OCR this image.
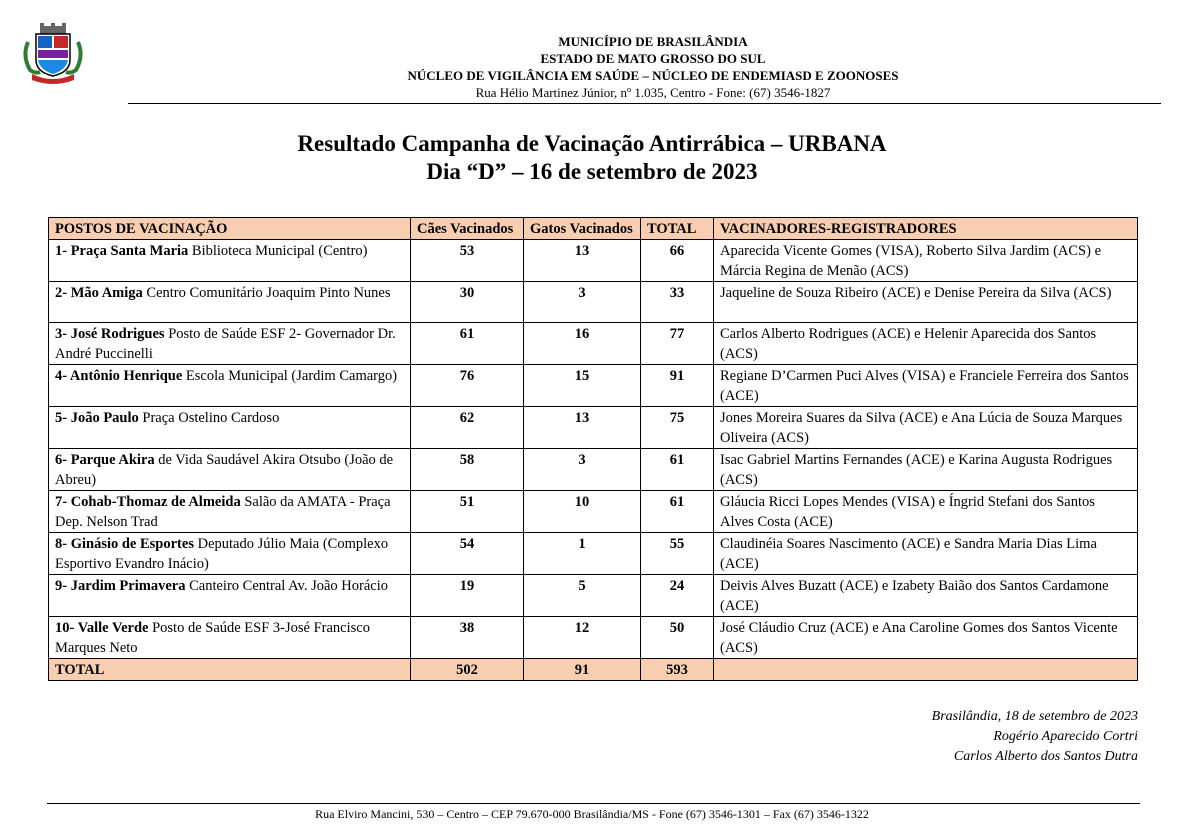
MUNICÍPIO DE BRASILÂNDIA
ESTADO DE MATO GROSSO DO SUL
NÚCLEO DE VIGILÂNCIA EM SAÚDE – NÚCLEO DE ENDEMIASD E ZOONOSES
Rua Hélio Martinez Júnior, nº 1.035, Centro - Fone: (67) 3546-1827
Resultado Campanha de Vacinação Antirrábica – URBANA
Dia “D” – 16 de setembro de 2023
POSTOS DE VACINAÇÃO	Cães Vacinados	Gatos Vacinados	TOTAL	VACINADORES-REGISTRADORES
1- Praça Santa Maria Biblioteca Municipal (Centro)	53	13	66	Aparecida Vicente Gomes (VISA), Roberto Silva Jardim (ACS) e Márcia Regina de Menão (ACS)
2- Mão Amiga Centro Comunitário Joaquim Pinto Nunes	30	3	33	Jaqueline de Souza Ribeiro (ACE) e Denise Pereira da Silva (ACS)
3- José Rodrigues Posto de Saúde ESF 2- Governador Dr. André Puccinelli	61	16	77	Carlos Alberto Rodrigues (ACE) e Helenir Aparecida dos Santos (ACS)
4- Antônio Henrique Escola Municipal (Jardim Camargo)	76	15	91	Regiane D’Carmen Puci Alves (VISA) e Franciele Ferreira dos Santos (ACE)
5- João Paulo Praça Ostelino Cardoso	62	13	75	Jones Moreira Suares da Silva (ACE) e Ana Lúcia de Souza Marques Oliveira (ACS)
6- Parque Akira de Vida Saudável Akira Otsubo (João de Abreu)	58	3	61	Isac Gabriel Martins Fernandes (ACE) e Karina Augusta Rodrigues (ACS)
7- Cohab-Thomaz de Almeida Salão da AMATA - Praça Dep. Nelson Trad	51	10	61	Gláucia Ricci Lopes Mendes (VISA) e Íngrid Stefani dos Santos Alves Costa (ACE)
8- Ginásio de Esportes Deputado Júlio Maia (Complexo Esportivo Evandro Inácio)	54	1	55	Claudinéia Soares Nascimento (ACE) e Sandra Maria Dias Lima (ACE)
9- Jardim Primavera Canteiro Central Av. João Horácio	19	5	24	Deivis Alves Buzatt (ACE) e Izabety Baião dos Santos Cardamone (ACE)
10- Valle Verde Posto de Saúde ESF 3-José Francisco Marques Neto	38	12	50	José Cláudio Cruz (ACE) e Ana Caroline Gomes dos Santos Vicente (ACS)
TOTAL	502	91	593	
Brasilândia, 18 de setembro de 2023
Rogério Aparecido Cortri
Carlos Alberto dos Santos Dutra
Rua Elviro Mancini, 530 – Centro – CEP 79.670-000 Brasilândia/MS - Fone (67) 3546-1301 – Fax (67) 3546-1322
